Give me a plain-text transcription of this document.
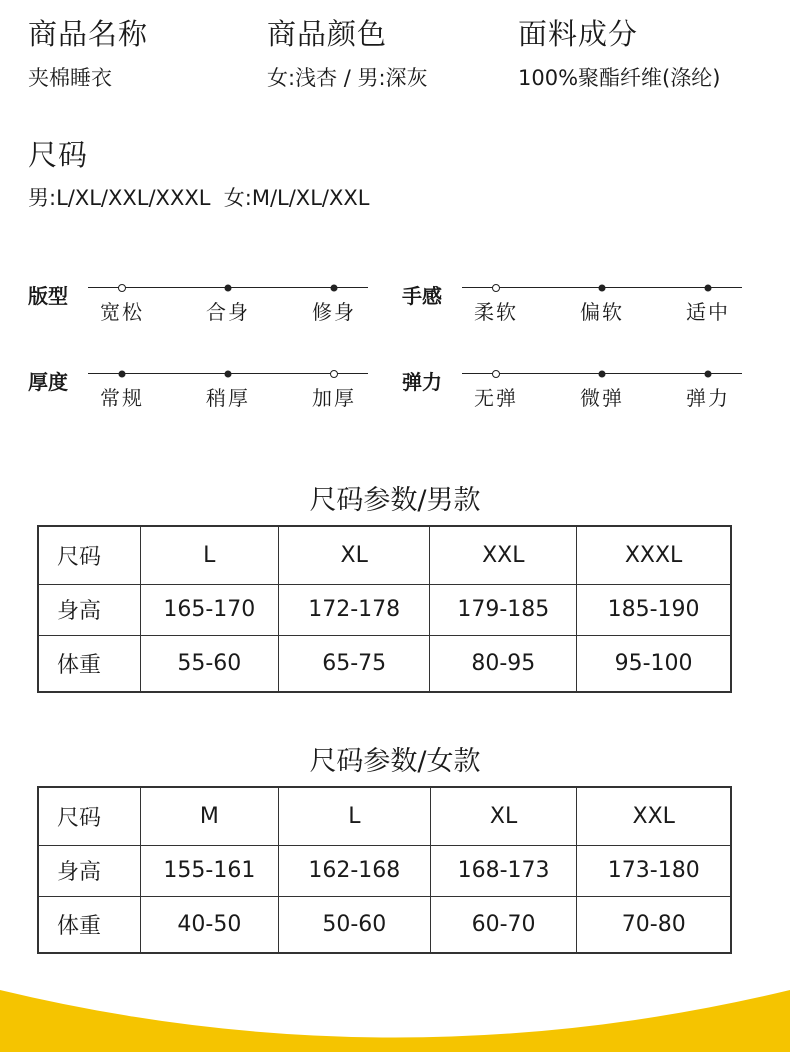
商品名称
夹棉睡衣
商品颜色
女:浅杏 / 男:深灰
面料成分
100%聚酯纤维(涤纶)
尺码
男:L/XL/XXL/XXXL  女:M/L/XL/XXL
版型
宽松	合身	修身
手感
柔软	偏软	适中
厚度
常规	稍厚	加厚
弹力
无弹	微弹	弹力
尺码参数/男款
尺码	L	XL	XXL	XXXL
身高	165-170	172-178	179-185	185-190
体重	55-60	65-75	80-95	95-100
尺码参数/女款
尺码	M	L	XL	XXL
身高	155-161	162-168	168-173	173-180
体重	40-50	50-60	60-70	70-80
